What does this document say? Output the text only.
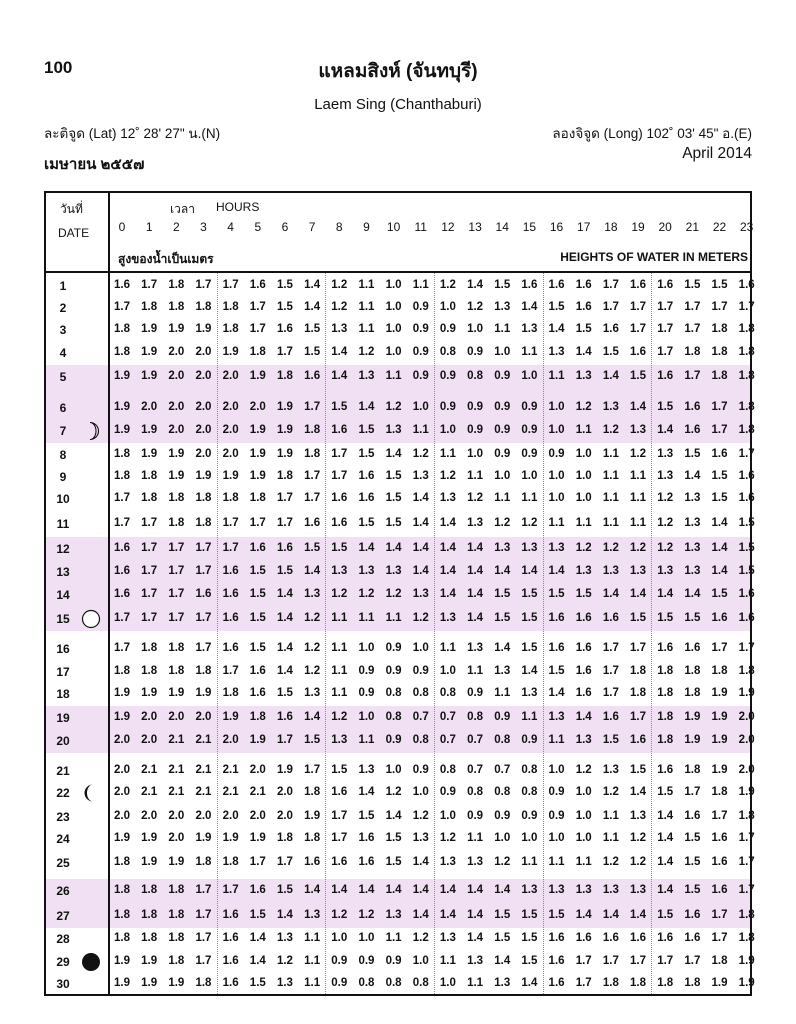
100	แหลมสิงห์ (จันทบุรี)
Laem Sing (Chanthaburi)
ละติจูด (Lat) 12˚ 28' 27" น.(N)	ลองจิจูด (Long) 102˚ 03' 45" อ.(E)
เมษายน ๒๕๕๗
April 2014
วันที่
DATE
เวลา HOURS
0	1	2	3	4	5	6	7	8	9	10	11	12	13	14	15	16	17	18	19	20	21	22	23
สูงของน้ำเป็นเมตร	HEIGHTS OF WATER IN METERS
1	1.6 1.7 1.8 1.7 1.7 1.6 1.5 1.4 1.2 1.1 1.0 1.1 1.2 1.4 1.5 1.6 1.6 1.6 1.7 1.6 1.6 1.5 1.5 1.6
2	1.7 1.8 1.8 1.8 1.8 1.7 1.5 1.4 1.2 1.1 1.0 0.9 1.0 1.2 1.3 1.4 1.5 1.6 1.7 1.7 1.7 1.7 1.7 1.7
3	1.8 1.9 1.9 1.9 1.8 1.7 1.6 1.5 1.3 1.1 1.0 0.9 0.9 1.0 1.1 1.3 1.4 1.5 1.6 1.7 1.7 1.7 1.8 1.8
4	1.8 1.9 2.0 2.0 1.9 1.8 1.7 1.5 1.4 1.2 1.0 0.9 0.8 0.9 1.0 1.1 1.3 1.4 1.5 1.6 1.7 1.8 1.8 1.8
5	1.9 1.9 2.0 2.0 2.0 1.9 1.8 1.6 1.4 1.3 1.1 0.9 0.9 0.8 0.9 1.0 1.1 1.3 1.4 1.5 1.6 1.7 1.8 1.8
6	1.9 2.0 2.0 2.0 2.0 2.0 1.9 1.7 1.5 1.4 1.2 1.0 0.9 0.9 0.9 0.9 1.0 1.2 1.3 1.4 1.5 1.6 1.7 1.8
7	1.9 1.9 2.0 2.0 2.0 1.9 1.9 1.8 1.6 1.5 1.3 1.1 1.0 0.9 0.9 0.9 1.0 1.1 1.2 1.3 1.4 1.6 1.7 1.8
8	1.8 1.9 1.9 2.0 2.0 1.9 1.9 1.8 1.7 1.5 1.4 1.2 1.1 1.0 0.9 0.9 0.9 1.0 1.1 1.2 1.3 1.5 1.6 1.7
9	1.8 1.8 1.9 1.9 1.9 1.9 1.8 1.7 1.7 1.6 1.5 1.3 1.2 1.1 1.0 1.0 1.0 1.0 1.1 1.1 1.3 1.4 1.5 1.6
10	1.7 1.8 1.8 1.8 1.8 1.8 1.7 1.7 1.6 1.6 1.5 1.4 1.3 1.2 1.1 1.1 1.0 1.0 1.1 1.1 1.2 1.3 1.5 1.6
11	1.7 1.7 1.8 1.8 1.7 1.7 1.7 1.6 1.6 1.5 1.5 1.4 1.4 1.3 1.2 1.2 1.1 1.1 1.1 1.1 1.2 1.3 1.4 1.5
12	1.6 1.7 1.7 1.7 1.7 1.6 1.6 1.5 1.5 1.4 1.4 1.4 1.4 1.4 1.3 1.3 1.3 1.2 1.2 1.2 1.2 1.3 1.4 1.5
13	1.6 1.7 1.7 1.7 1.6 1.5 1.5 1.4 1.3 1.3 1.3 1.4 1.4 1.4 1.4 1.4 1.4 1.3 1.3 1.3 1.3 1.3 1.4 1.5
14	1.6 1.7 1.7 1.6 1.6 1.5 1.4 1.3 1.2 1.2 1.2 1.3 1.4 1.4 1.5 1.5 1.5 1.5 1.4 1.4 1.4 1.4 1.5 1.6
15	1.7 1.7 1.7 1.7 1.6 1.5 1.4 1.2 1.1 1.1 1.1 1.2 1.3 1.4 1.5 1.5 1.6 1.6 1.6 1.5 1.5 1.5 1.6 1.6
16	1.7 1.8 1.8 1.7 1.6 1.5 1.4 1.2 1.1 1.0 0.9 1.0 1.1 1.3 1.4 1.5 1.6 1.6 1.7 1.7 1.6 1.6 1.7 1.7
17	1.8 1.8 1.8 1.8 1.7 1.6 1.4 1.2 1.1 0.9 0.9 0.9 1.0 1.1 1.3 1.4 1.5 1.6 1.7 1.8 1.8 1.8 1.8 1.8
18	1.9 1.9 1.9 1.9 1.8 1.6 1.5 1.3 1.1 0.9 0.8 0.8 0.8 0.9 1.1 1.3 1.4 1.6 1.7 1.8 1.8 1.8 1.9 1.9
19	1.9 2.0 2.0 2.0 1.9 1.8 1.6 1.4 1.2 1.0 0.8 0.7 0.7 0.8 0.9 1.1 1.3 1.4 1.6 1.7 1.8 1.9 1.9 2.0
20	2.0 2.0 2.1 2.1 2.0 1.9 1.7 1.5 1.3 1.1 0.9 0.8 0.7 0.7 0.8 0.9 1.1 1.3 1.5 1.6 1.8 1.9 1.9 2.0
21	2.0 2.1 2.1 2.1 2.1 2.0 1.9 1.7 1.5 1.3 1.0 0.9 0.8 0.7 0.7 0.8 1.0 1.2 1.3 1.5 1.6 1.8 1.9 2.0
22	2.0 2.1 2.1 2.1 2.1 2.1 2.0 1.8 1.6 1.4 1.2 1.0 0.9 0.8 0.8 0.8 0.9 1.0 1.2 1.4 1.5 1.7 1.8 1.9
23	2.0 2.0 2.0 2.0 2.0 2.0 2.0 1.9 1.7 1.5 1.4 1.2 1.0 0.9 0.9 0.9 0.9 1.0 1.1 1.3 1.4 1.6 1.7 1.8
24	1.9 1.9 2.0 1.9 1.9 1.9 1.8 1.8 1.7 1.6 1.5 1.3 1.2 1.1 1.0 1.0 1.0 1.0 1.1 1.2 1.4 1.5 1.6 1.7
25	1.8 1.9 1.9 1.8 1.8 1.7 1.7 1.6 1.6 1.6 1.5 1.4 1.3 1.3 1.2 1.1 1.1 1.1 1.2 1.2 1.4 1.5 1.6 1.7
26	1.8 1.8 1.8 1.7 1.7 1.6 1.5 1.4 1.4 1.4 1.4 1.4 1.4 1.4 1.4 1.3 1.3 1.3 1.3 1.3 1.4 1.5 1.6 1.7
27	1.8 1.8 1.8 1.7 1.6 1.5 1.4 1.3 1.2 1.2 1.3 1.4 1.4 1.4 1.5 1.5 1.5 1.4 1.4 1.4 1.5 1.6 1.7 1.8
28	1.8 1.8 1.8 1.7 1.6 1.4 1.3 1.1 1.0 1.0 1.1 1.2 1.3 1.4 1.5 1.5 1.6 1.6 1.6 1.6 1.6 1.6 1.7 1.8
29	1.9 1.9 1.8 1.7 1.6 1.4 1.2 1.1 0.9 0.9 0.9 1.0 1.1 1.3 1.4 1.5 1.6 1.7 1.7 1.7 1.7 1.7 1.8 1.9
30	1.9 1.9 1.9 1.8 1.6 1.5 1.3 1.1 0.9 0.8 0.8 0.8 1.0 1.1 1.3 1.4 1.6 1.7 1.8 1.8 1.8 1.8 1.9 1.9
